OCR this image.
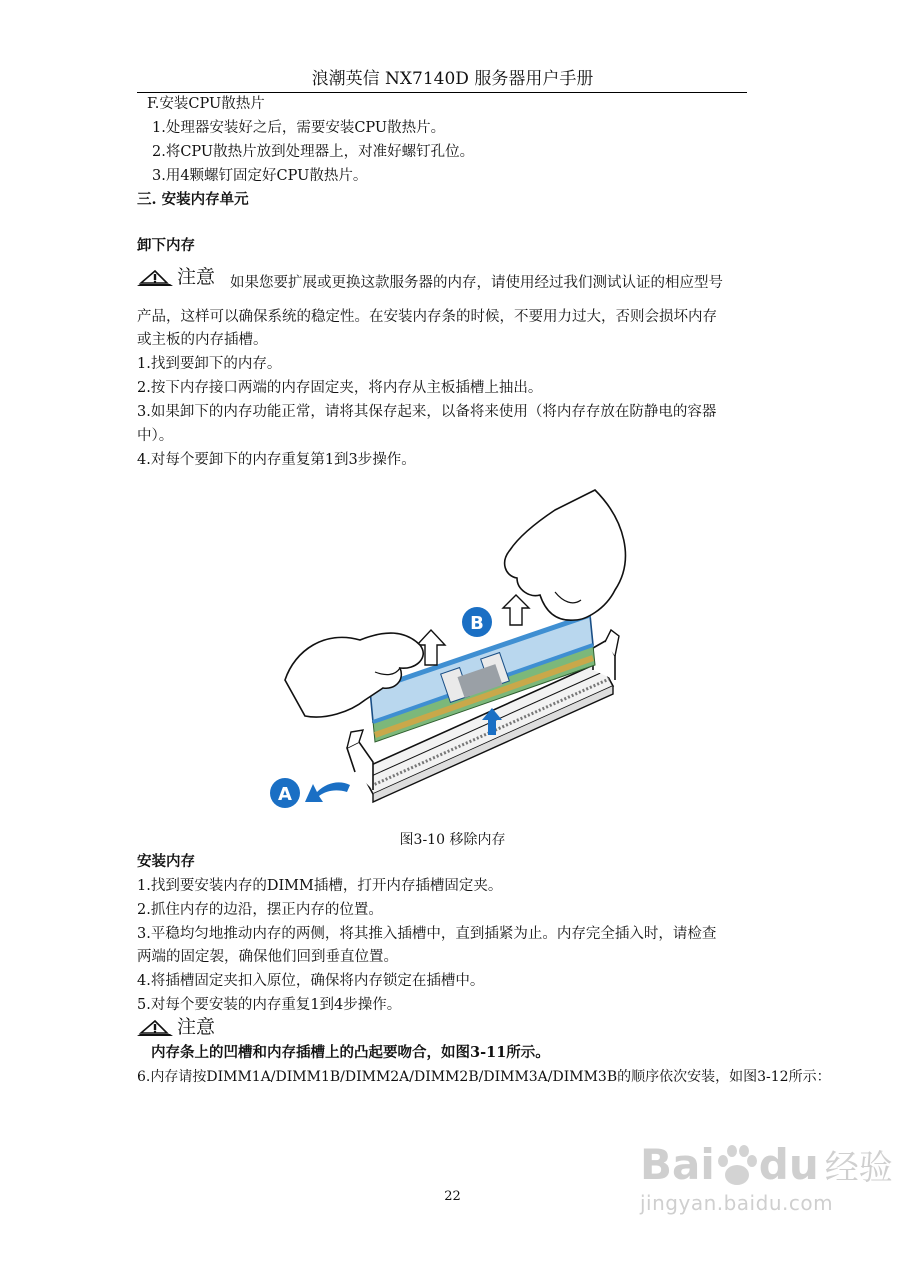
浪潮英信 NX7140D 服务器用户手册
F.安装CPU散热片
1.处理器安装好之后，需要安装CPU散热片。
2.将CPU散热片放到处理器上，对准好螺钉孔位。
3.用4颗螺钉固定好CPU散热片。
三. 安装内存单元
卸下内存
注意 如果您要扩展或更换这款服务器的内存，请使用经过我们测试认证的相应型号
产品，这样可以确保系统的稳定性。在安装内存条的时候，不要用力过大，否则会损坏内存
或主板的内存插槽。
1.找到要卸下的内存。
2.按下内存接口两端的内存固定夹，将内存从主板插槽上抽出。
3.如果卸下的内存功能正常，请将其保存起来，以备将来使用（将内存存放在防静电的容器
中）。
4.对每个要卸下的内存重复第1到3步操作。
B
A
图3-10 移除内存
安装内存
1.找到要安装内存的DIMM插槽，打开内存插槽固定夹。
2.抓住内存的边沿，摆正内存的位置。
3.平稳均匀地推动内存的两侧，将其推入插槽中，直到插紧为止。内存完全插入时，请检查
两端的固定袈，确保他们回到垂直位置。
4.将插槽固定夹扣入原位，确保将内存锁定在插槽中。
5.对每个要安装的内存重复1到4步操作。
注意
内存条上的凹槽和内存插槽上的凸起要吻合，如图3-11所示。
6.内存请按DIMM1A/DIMM1B/DIMM2A/DIMM2B/DIMM3A/DIMM3B的顺序依次安装，如图3-12所示：
22
Bai du 经验
jingyan.baidu.com
